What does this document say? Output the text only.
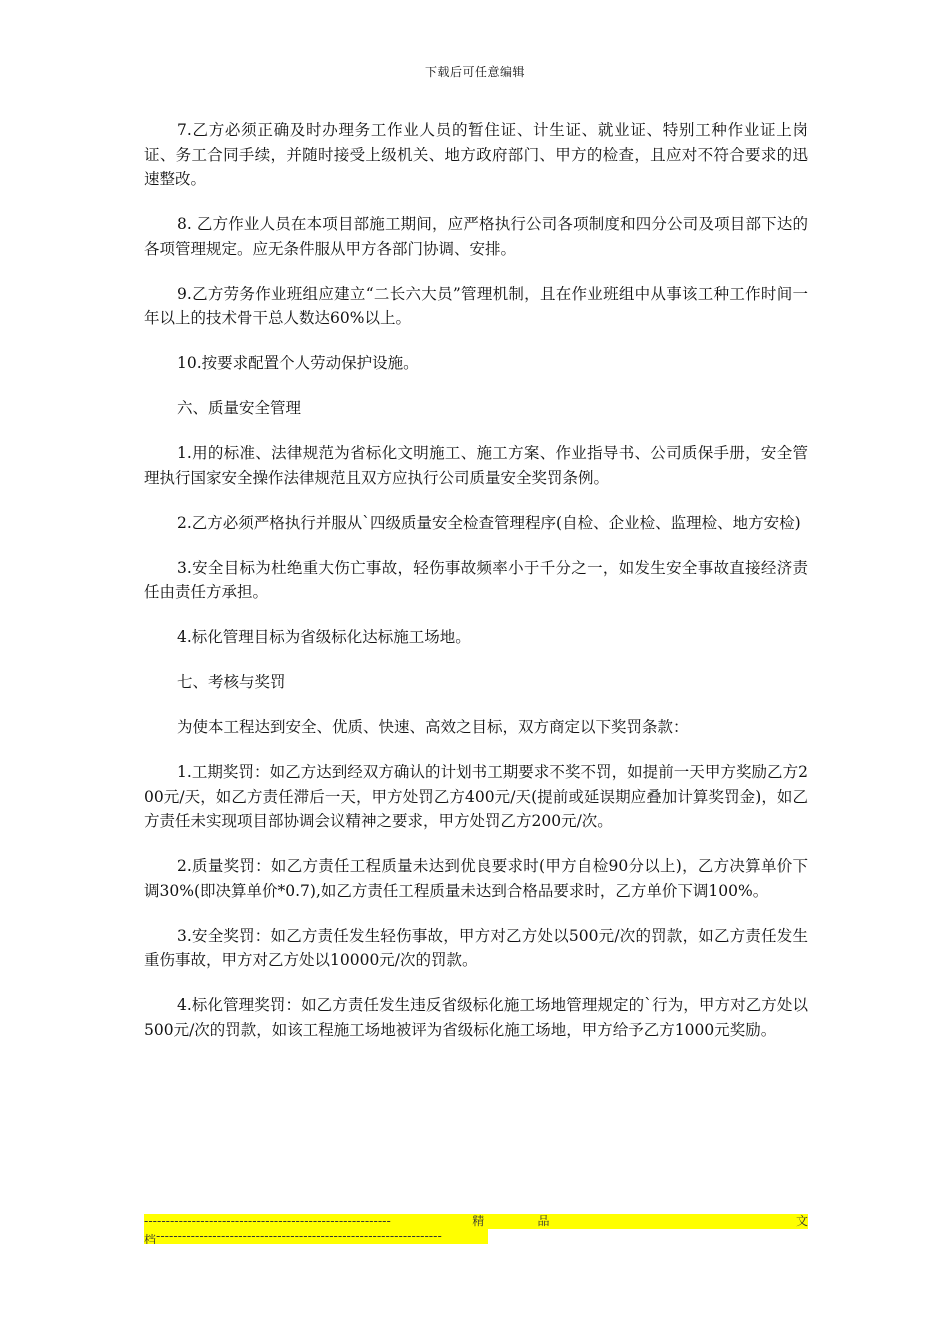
下载后可任意编辑

7.乙方必须正确及时办理务工作业人员的暂住证、计生证、就业证、特别工种作业证上岗证、务工合同手续，并随时接受上级机关、地方政府部门、甲方的检查，且应对不符合要求的迅速整改。

8. 乙方作业人员在本项目部施工期间，应严格执行公司各项制度和四分公司及项目部下达的各项管理规定。应无条件服从甲方各部门协调、安排。

9.乙方劳务作业班组应建立“二长六大员”管理机制，且在作业班组中从事该工种工作时间一年以上的技术骨干总人数达60%以上。

10.按要求配置个人劳动保护设施。

六、质量安全管理

1.用的标准、法律规范为省标化文明施工、施工方案、作业指导书、公司质保手册，安全管理执行国家安全操作法律规范且双方应执行公司质量安全奖罚条例。

2.乙方必须严格执行并服从`四级质量安全检查管理程序(自检、企业检、监理检、地方安检)

3.安全目标为杜绝重大伤亡事故，轻伤事故频率小于千分之一，如发生安全事故直接经济责任由责任方承担。

4.标化管理目标为省级标化达标施工场地。

七、考核与奖罚

为使本工程达到安全、优质、快速、高效之目标，双方商定以下奖罚条款：

1.工期奖罚：如乙方达到经双方确认的计划书工期要求不奖不罚，如提前一天甲方奖励乙方200元/天，如乙方责任滞后一天，甲方处罚乙方400元/天(提前或延误期应叠加计算奖罚金)，如乙方责任未实现项目部协调会议精神之要求，甲方处罚乙方200元/次。

2.质量奖罚：如乙方责任工程质量未达到优良要求时(甲方自检90分以上)，乙方决算单价下调30%(即决算单价*0.7),如乙方责任工程质量未达到合格品要求时，乙方单价下调100%。

3.安全奖罚：如乙方责任发生轻伤事故，甲方对乙方处以500元/次的罚款，如乙方责任发生重伤事故，甲方对乙方处以10000元/次的罚款。

4.标化管理奖罚：如乙方责任发生违反省级标化施工场地管理规定的`行为，甲方对乙方处以500元/次的罚款，如该工程施工场地被评为省级标化施工场地，甲方给予乙方1000元奖励。

---------------------------------------------------------	精	品	文
档------------------------------------------------------------------
